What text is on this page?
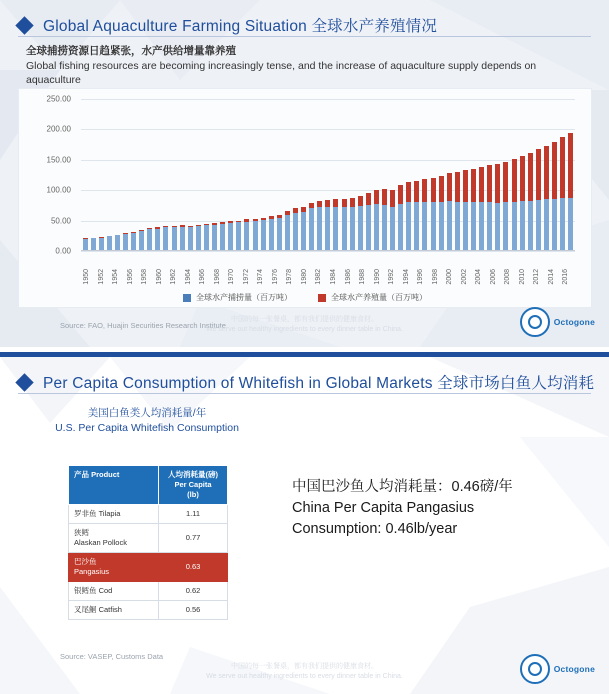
Global Aquaculture Farming Situation 全球水产养殖情况
全球捕捞资源日趋紧张，水产供给增量靠养殖
Global fishing resources are becoming increasingly tense, and the increase of aquaculture supply depends on aquaculture
0.00
50.00
100.00
150.00
200.00
250.00
1950 1952 1954 1956 1958 1960 1962 1964 1966 1968 1970 1972 1974 1976 1978 1980 1982 1984 1986 1988 1990 1992 1994 1996 1998 2000 2002 2004 2006 2008 2010 2012 2014 2016
全球水产捕捞量（百万吨）	全球水产养殖量（百万吨）
Source: FAO, Huajin Securities Research Institute
中国的每一张餐桌，都有我们提供的健康食材。
We serve out healthy ingredients to every dinner table in China.
Octogone
Per Capita Consumption of Whitefish in Global Markets 全球市场白鱼人均消耗
美国白鱼类人均消耗量/年
U.S. Per Capita Whitefish Consumption
产品 Product	人均消耗量(磅)
Per Capita
(lb)
罗非鱼 Tilapia	1.11
狭鳕
Alaskan Pollock	0.77
巴沙鱼
Pangasius	0.63
银鳕鱼 Cod	0.62
叉尾鮰 Catfish	0.56
中国巴沙鱼人均消耗量：0.46磅/年
China Per Capita Pangasius
Consumption: 0.46lb/year
Source: VASEP, Customs Data
中国的每一张餐桌，都有我们提供的健康食材。
We serve out healthy ingredients to every dinner table in China.
Octogone
